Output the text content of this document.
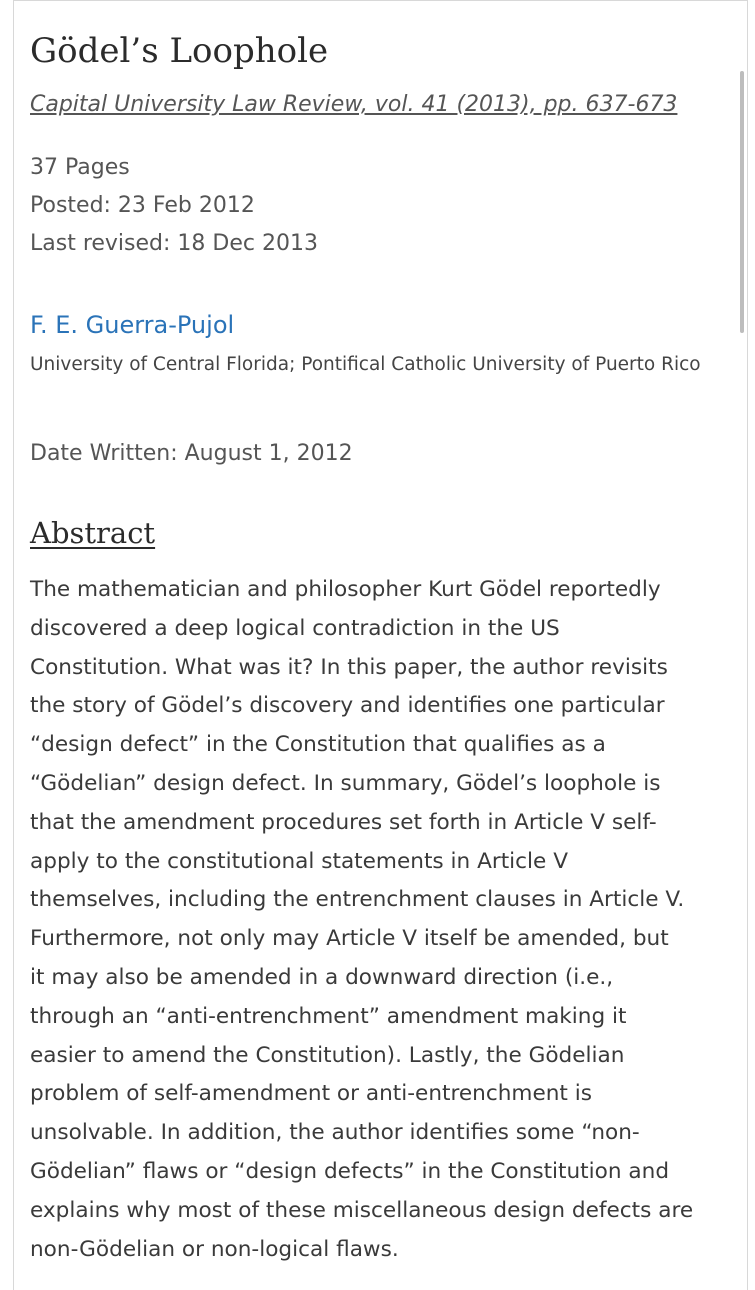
Gödel’s Loophole
Capital University Law Review, vol. 41 (2013), pp. 637-673
37 Pages
Posted: 23 Feb 2012
Last revised: 18 Dec 2013
F. E. Guerra-Pujol
University of Central Florida; Pontifical Catholic University of Puerto Rico
Date Written: August 1, 2012
Abstract
The mathematician and philosopher Kurt Gödel reportedly
discovered a deep logical contradiction in the US
Constitution. What was it? In this paper, the author revisits
the story of Gödel’s discovery and identifies one particular
“design defect” in the Constitution that qualifies as a
“Gödelian” design defect. In summary, Gödel’s loophole is
that the amendment procedures set forth in Article V self-
apply to the constitutional statements in Article V
themselves, including the entrenchment clauses in Article V.
Furthermore, not only may Article V itself be amended, but
it may also be amended in a downward direction (i.e.,
through an “anti-entrenchment” amendment making it
easier to amend the Constitution). Lastly, the Gödelian
problem of self-amendment or anti-entrenchment is
unsolvable. In addition, the author identifies some “non-
Gödelian” flaws or “design defects” in the Constitution and
explains why most of these miscellaneous design defects are
non-Gödelian or non-logical flaws.
